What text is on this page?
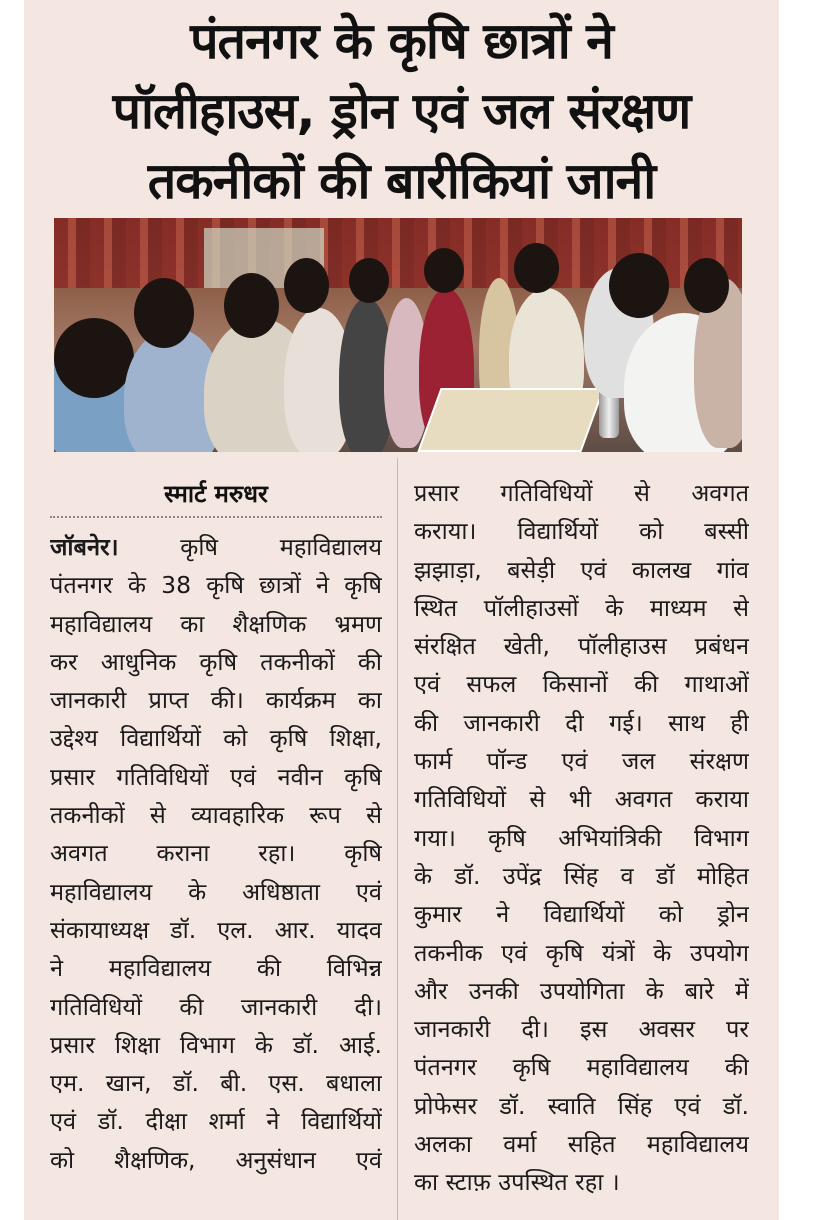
पंतनगर के कृषि छात्रों ने
पॉलीहाउस, ड्रोन एवं जल संरक्षण
तकनीकों की बारीकियां जानी
स्मार्ट मरुधर
जॉबनेर। कृषि महाविद्यालय
पंतनगर के 38 कृषि छात्रों ने कृषि
महाविद्यालय का शैक्षणिक भ्रमण
कर आधुनिक कृषि तकनीकों की
जानकारी प्राप्त की। कार्यक्रम का
उद्देश्य विद्यार्थियों को कृषि शिक्षा,
प्रसार गतिविधियों एवं नवीन कृषि
तकनीकों से व्यावहारिक रूप से
अवगत कराना रहा। कृषि
महाविद्यालय के अधिष्ठाता एवं
संकायाध्यक्ष डॉ. एल. आर. यादव
ने महाविद्यालय की विभिन्न
गतिविधियों की जानकारी दी।
प्रसार शिक्षा विभाग के डॉ. आई.
एम. खान, डॉ. बी. एस. बधाला
एवं डॉ. दीक्षा शर्मा ने विद्यार्थियों
को शैक्षणिक, अनुसंधान एवं
प्रसार गतिविधियों से अवगत
कराया। विद्यार्थियों को बस्सी
झझाड़ा, बसेड़ी एवं कालख गांव
स्थित पॉलीहाउसों के माध्यम से
संरक्षित खेती, पॉलीहाउस प्रबंधन
एवं सफल किसानों की गाथाओं
की जानकारी दी गई। साथ ही
फार्म पॉन्ड एवं जल संरक्षण
गतिविधियों से भी अवगत कराया
गया। कृषि अभियांत्रिकी विभाग
के डॉ. उपेंद्र सिंह व डॉ मोहित
कुमार ने विद्यार्थियों को ड्रोन
तकनीक एवं कृषि यंत्रों के उपयोग
और उनकी उपयोगिता के बारे में
जानकारी दी। इस अवसर पर
पंतनगर कृषि महाविद्यालय की
प्रोफेसर डॉ. स्वाति सिंह एवं डॉ.
अलका वर्मा सहित महाविद्यालय
का स्टाफ़ उपस्थित रहा ।
